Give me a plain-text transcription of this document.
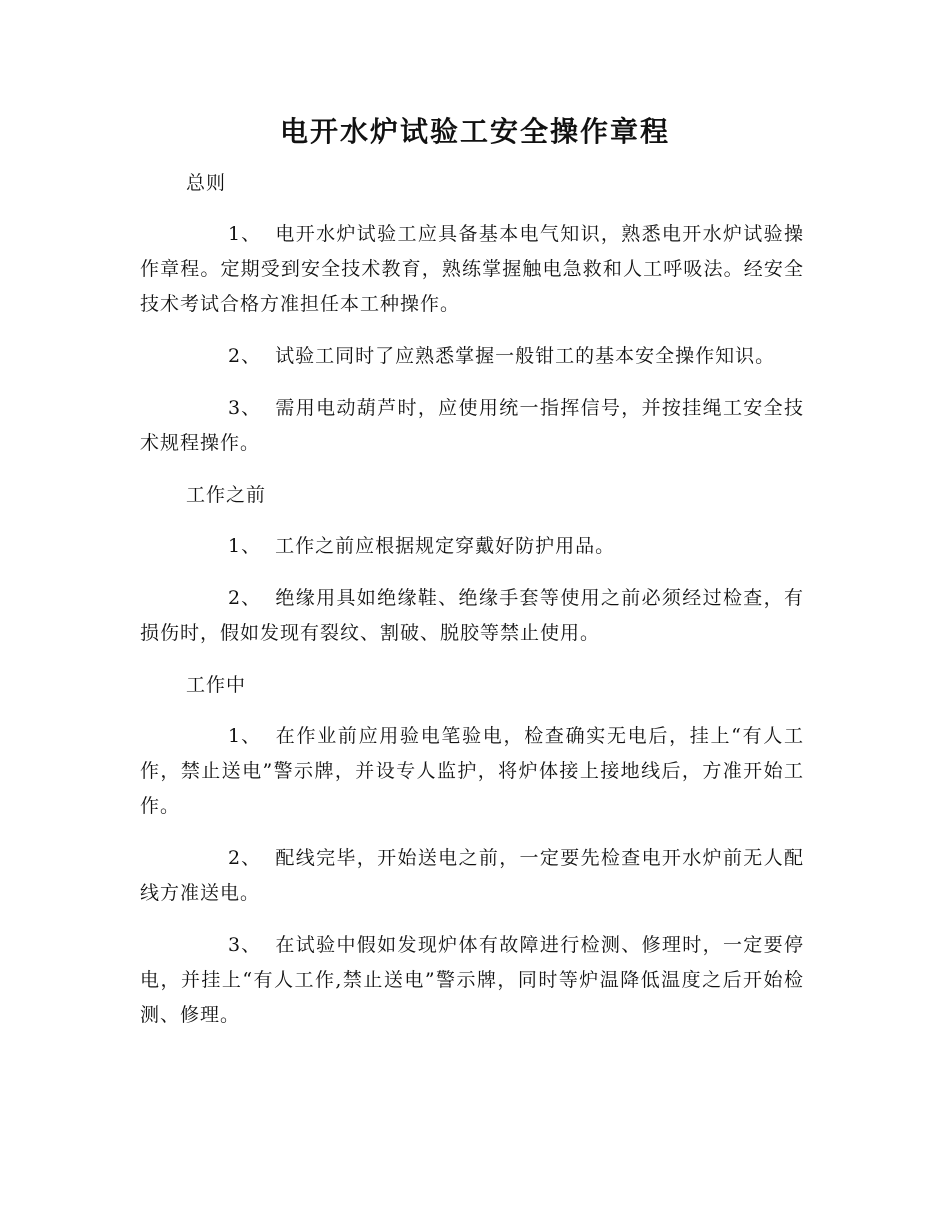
电开水炉试验工安全操作章程

总则

1、 电开水炉试验工应具备基本电气知识，熟悉电开水炉试验操作章程。定期受到安全技术教育，熟练掌握触电急救和人工呼吸法。经安全技术考试合格方准担任本工种操作。

2、 试验工同时了应熟悉掌握一般钳工的基本安全操作知识。

3、 需用电动葫芦时，应使用统一指挥信号，并按挂绳工安全技术规程操作。

工作之前

1、 工作之前应根据规定穿戴好防护用品。

2、 绝缘用具如绝缘鞋、绝缘手套等使用之前必须经过检查，有损伤时，假如发现有裂纹、割破、脱胶等禁止使用。

工作中

1、 在作业前应用验电笔验电，检查确实无电后，挂上“有人工作，禁止送电”警示牌，并设专人监护，将炉体接上接地线后，方准开始工作。

2、 配线完毕，开始送电之前，一定要先检查电开水炉前无人配线方准送电。

3、 在试验中假如发现炉体有故障进行检测、修理时，一定要停电，并挂上“有人工作,禁止送电”警示牌，同时等炉温降低温度之后开始检测、修理。
